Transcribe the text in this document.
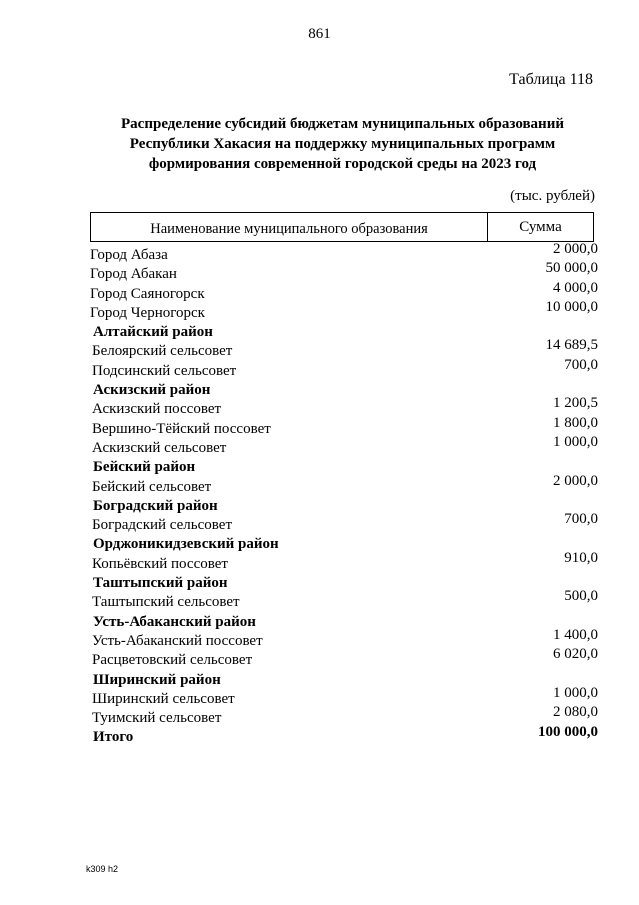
861
Таблица 118
Распределение субсидий бюджетам муниципальных образований
Республики Хакасия на поддержку муниципальных программ
формирования современной городской среды на 2023 год
(тыс. рублей)
Наименование муниципального образования	Сумма
Город Абаза	2 000,0
Город Абакан	50 000,0
Город Саяногорск	4 000,0
Город Черногорск	10 000,0
Алтайский район
Белоярский сельсовет	14 689,5
Подсинский сельсовет	700,0
Аскизский район
Аскизский поссовет	1 200,5
Вершино-Тёйский поссовет	1 800,0
Аскизский сельсовет	1 000,0
Бейский район
Бейский сельсовет	2 000,0
Боградский район
Боградский сельсовет	700,0
Орджоникидзевский район
Копьёвский поссовет	910,0
Таштыпский район
Таштыпский сельсовет	500,0
Усть-Абаканский район
Усть-Абаканский поссовет	1 400,0
Расцветовский сельсовет	6 020,0
Ширинский район
Ширинский сельсовет	1 000,0
Туимский сельсовет	2 080,0
Итого	100 000,0
k309 h2
